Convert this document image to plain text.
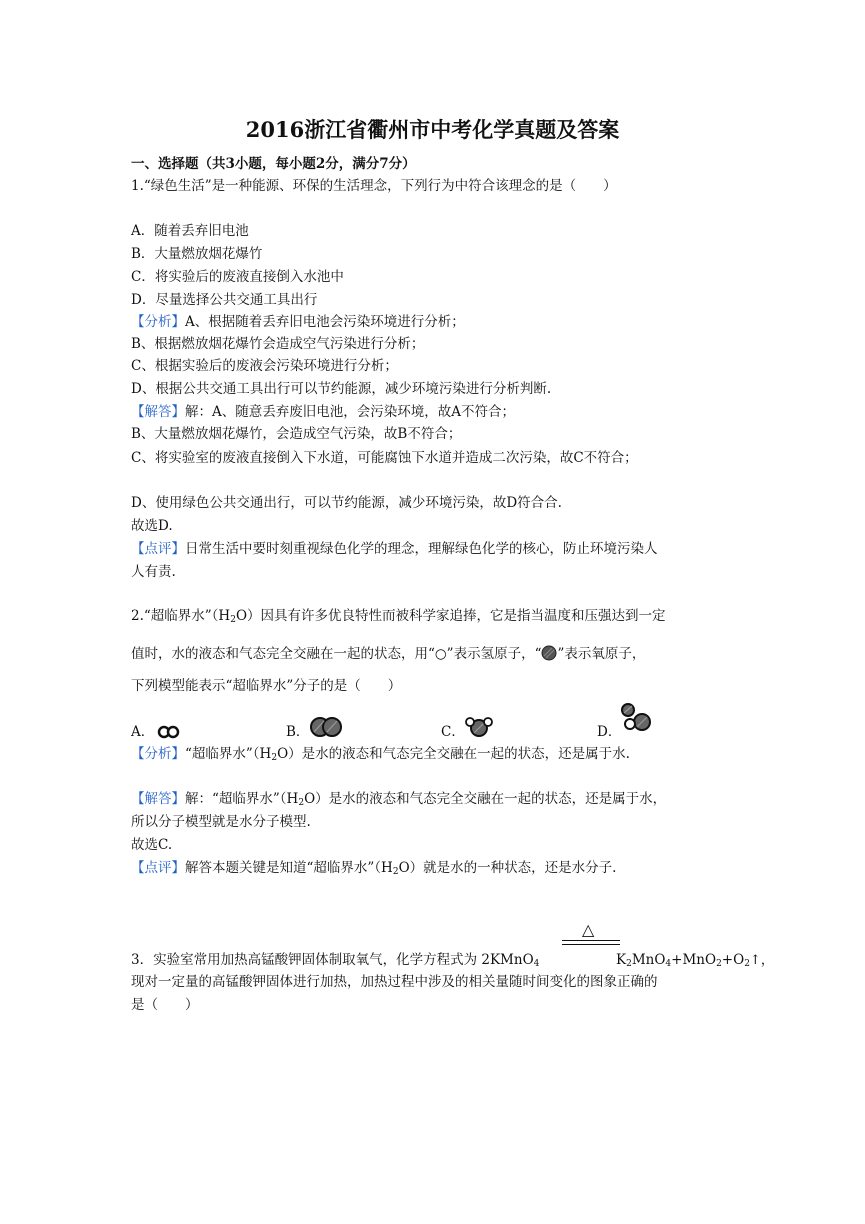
2016浙江省衢州市中考化学真题及答案
一、选择题（共3小题，每小题2分，满分7分）
1.“绿色生活”是一种能源、环保的生活理念，下列行为中符合该理念的是（　　）
A．随着丢弃旧电池
B．大量燃放烟花爆竹
C．将实验后的废液直接倒入水池中
D．尽量选择公共交通工具出行
【分析】A、根据随着丢弃旧电池会污染环境进行分析；
B、根据燃放烟花爆竹会造成空气污染进行分析；
C、根据实验后的废液会污染环境进行分析；
D、根据公共交通工具出行可以节约能源，减少环境污染进行分析判断.
【解答】解：A、随意丢弃废旧电池，会污染环境，故A不符合；
B、大量燃放烟花爆竹，会造成空气污染，故B不符合；
C、将实验室的废液直接倒入下水道，可能腐蚀下水道并造成二次污染，故C不符合；
D、使用绿色公共交通出行，可以节约能源，减少环境污染，故D符合合.
故选D.
【点评】日常生活中要时刻重视绿色化学的理念，理解绿色化学的核心，防止环境污染人
人有责.
2.“超临界水$”(H_2O)$因具有许多优良特性而被科学家追捧，它是指当温度和压强达到一定
值时，水的液态和气态完全交融在一起的状态，用“○”表示氢原子，“ ”表示氧原子，
下列模型能表示“超临界水”分子的是（　　）
A．	B．	C．	D．
【分析】“超临界水$”(H_2O)$是水的液态和气态完全交融在一起的状态，还是属于水.
【解答】解：“超临界水$”(H_2O)$是水的液态和气态完全交融在一起的状态，还是属于水，
所以分子模型就是水分子模型.
故选C.
【点评】解答本题关键是知道“超临界水$”(H_2O)$就是水的一种状态，还是水分子.
△
3．实验室常用加热高锰酸钾固体制取氧气，化学方程式为 2KMnO$_4$	$K_2MnO_4+MnO_2+O_2↑$，
现对一定量的高锰酸钾固体进行加热，加热过程中涉及的相关量随时间变化的图象正确的
是（　　）
